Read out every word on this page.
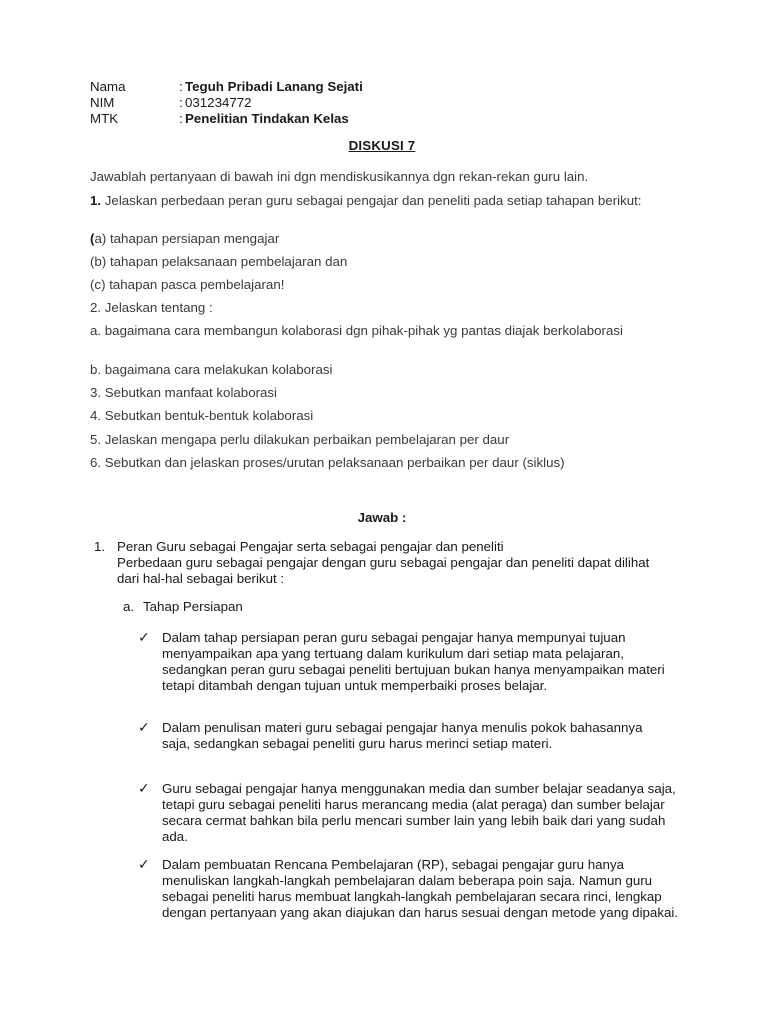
Nama	: Teguh Pribadi Lanang Sejati
NIM	: 031234772
MTK	: Penelitian Tindakan Kelas
DISKUSI 7
Jawablah pertanyaan di bawah ini dgn mendiskusikannya dgn rekan-rekan guru lain.
1. Jelaskan perbedaan peran guru sebagai pengajar dan peneliti pada setiap tahapan berikut:
(a) tahapan persiapan mengajar
(b) tahapan pelaksanaan pembelajaran dan
(c) tahapan pasca pembelajaran!
2. Jelaskan tentang :
a. bagaimana cara membangun kolaborasi dgn pihak-pihak yg pantas diajak berkolaborasi
b. bagaimana cara melakukan kolaborasi
3. Sebutkan manfaat kolaborasi
4. Sebutkan bentuk-bentuk kolaborasi
5. Jelaskan mengapa perlu dilakukan perbaikan pembelajaran per daur
6. Sebutkan dan jelaskan proses/urutan pelaksanaan perbaikan per daur (siklus)
Jawab :
1. Peran Guru sebagai Pengajar serta sebagai pengajar dan peneliti
Perbedaan guru sebagai pengajar dengan guru sebagai pengajar dan peneliti dapat dilihat dari hal-hal sebagai berikut :
a. Tahap Persiapan
✓ Dalam tahap persiapan peran guru sebagai pengajar hanya mempunyai tujuan menyampaikan apa yang tertuang dalam kurikulum dari setiap mata pelajaran, sedangkan peran guru sebagai peneliti bertujuan bukan hanya menyampaikan materi tetapi ditambah dengan tujuan untuk memperbaiki proses belajar.
✓ Dalam penulisan materi guru sebagai pengajar hanya menulis pokok bahasannya saja, sedangkan sebagai peneliti guru harus merinci setiap materi.
✓ Guru sebagai pengajar hanya menggunakan media dan sumber belajar seadanya saja, tetapi guru sebagai peneliti harus merancang media (alat peraga) dan sumber belajar secara cermat bahkan bila perlu mencari sumber lain yang lebih baik dari yang sudah ada.
✓ Dalam pembuatan Rencana Pembelajaran (RP), sebagai pengajar guru hanya menuliskan langkah-langkah pembelajaran dalam beberapa poin saja. Namun guru sebagai peneliti harus membuat langkah-langkah pembelajaran secara rinci, lengkap dengan pertanyaan yang akan diajukan dan harus sesuai dengan metode yang dipakai.
